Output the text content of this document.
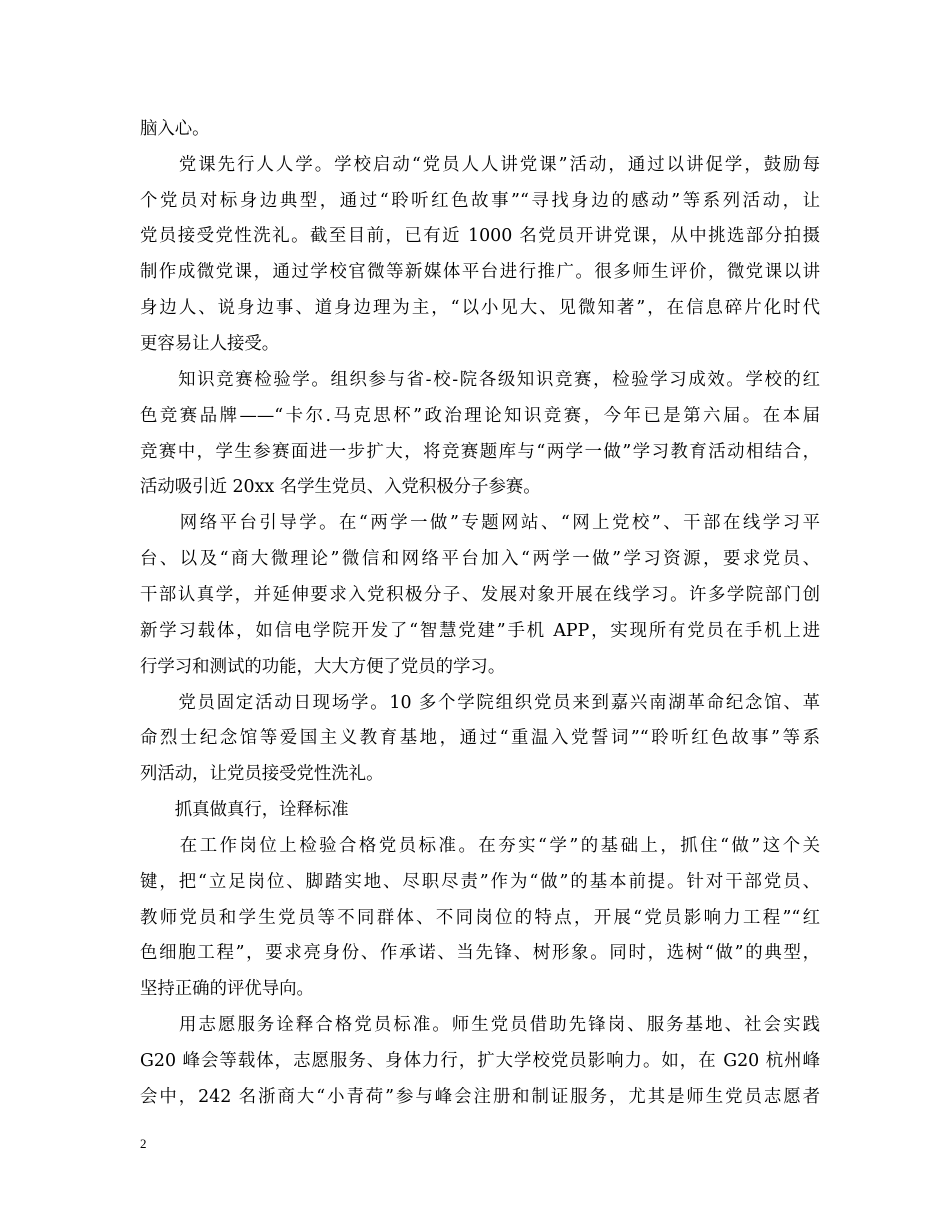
脑入心。
　　党课先行人人学。学校启动“党员人人讲党课”活动，通过以讲促学，鼓励每
个党员对标身边典型，通过“聆听红色故事”“寻找身边的感动”等系列活动，让
党员接受党性洗礼。截至目前，已有近 1000 名党员开讲党课，从中挑选部分拍摄
制作成微党课，通过学校官微等新媒体平台进行推广。很多师生评价，微党课以讲
身边人、说身边事、道身边理为主，“以小见大、见微知著”，在信息碎片化时代
更容易让人接受。
　　知识竞赛检验学。组织参与省-校-院各级知识竞赛，检验学习成效。学校的红
色竞赛品牌——“卡尔.马克思杯”政治理论知识竞赛，今年已是第六届。在本届
竞赛中，学生参赛面进一步扩大，将竞赛题库与“两学一做”学习教育活动相结合，
活动吸引近 20xx 名学生党员、入党积极分子参赛。
　　网络平台引导学。在“两学一做”专题网站、“网上党校”、干部在线学习平
台、以及“商大微理论”微信和网络平台加入“两学一做”学习资源，要求党员、
干部认真学，并延伸要求入党积极分子、发展对象开展在线学习。许多学院部门创
新学习载体，如信电学院开发了“智慧党建”手机 APP，实现所有党员在手机上进
行学习和测试的功能，大大方便了党员的学习。
　　党员固定活动日现场学。10 多个学院组织党员来到嘉兴南湖革命纪念馆、革
命烈士纪念馆等爱国主义教育基地，通过“重温入党誓词”“聆听红色故事”等系
列活动，让党员接受党性洗礼。
　　抓真做真行，诠释标准
　　在工作岗位上检验合格党员标准。在夯实“学”的基础上，抓住“做”这个关
键，把“立足岗位、脚踏实地、尽职尽责”作为“做”的基本前提。针对干部党员、
教师党员和学生党员等不同群体、不同岗位的特点，开展“党员影响力工程”“红
色细胞工程”，要求亮身份、作承诺、当先锋、树形象。同时，选树“做”的典型，
坚持正确的评优导向。
　　用志愿服务诠释合格党员标准。师生党员借助先锋岗、服务基地、社会实践
G20 峰会等载体，志愿服务、身体力行，扩大学校党员影响力。如，在 G20 杭州峰
会中，242 名浙商大“小青荷”参与峰会注册和制证服务，尤其是师生党员志愿者
2
